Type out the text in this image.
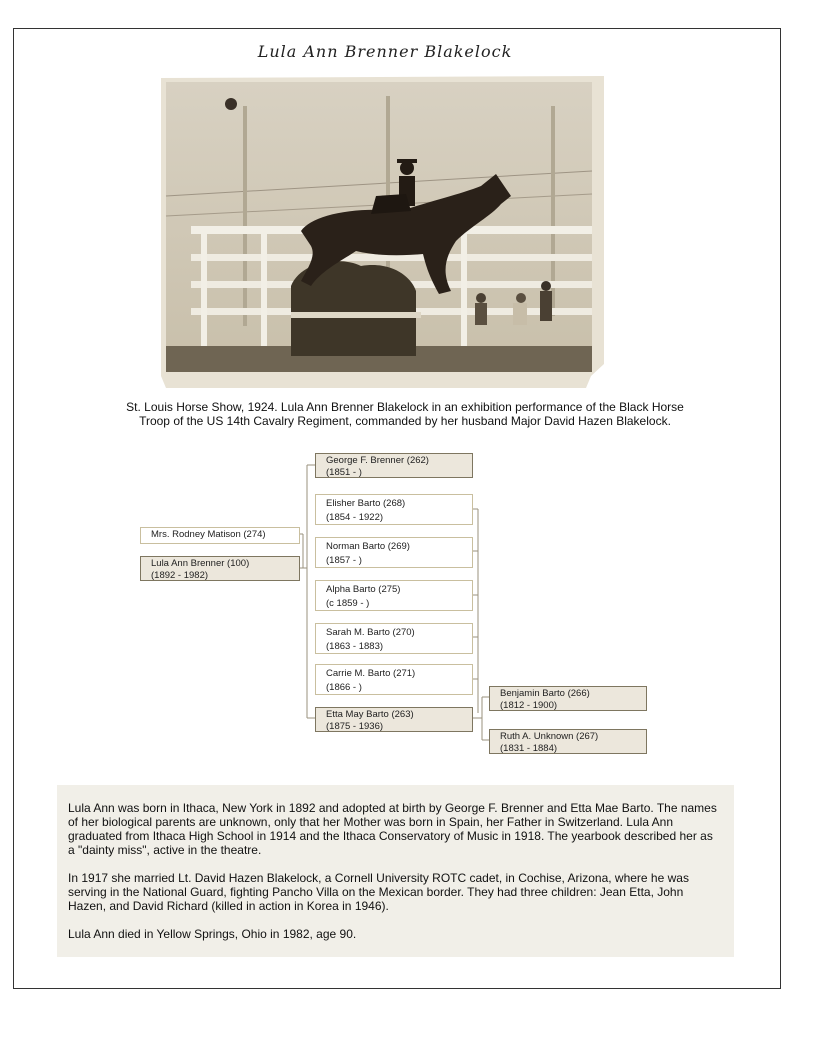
Lula Ann Brenner Blakelock
St. Louis Horse Show, 1924. Lula Ann Brenner Blakelock in an exhibition performance of the Black Horse
Troop of the US 14th Cavalry Regiment, commanded by her husband Major David Hazen Blakelock.
Mrs. Rodney Matison (274)
Lula Ann Brenner (100)
(1892 - 1982)
George F. Brenner (262)
(1851 - )
Elisher Barto (268)
(1854 - 1922)
Norman Barto (269)
(1857 - )
Alpha Barto (275)
(c 1859 - )
Sarah M. Barto (270)
(1863 - 1883)
Carrie M. Barto (271)
(1866 - )
Etta May Barto (263)
(1875 - 1936)
Benjamin Barto (266)
(1812 - 1900)
Ruth A. Unknown (267)
(1831 - 1884)

Lula Ann was born in Ithaca, New York in 1892 and adopted at birth by George F. Brenner and Etta Mae Barto. The names of her biological parents are unknown, only that her Mother was born in Spain, her Father in Switzerland. Lula Ann graduated from Ithaca High School in 1914 and the Ithaca Conservatory of Music in 1918. The yearbook described her as a "dainty miss", active in the theatre.

In 1917 she married Lt. David Hazen Blakelock, a Cornell University ROTC cadet, in Cochise, Arizona, where he was serving in the National Guard, fighting Pancho Villa on the Mexican border. They had three children: Jean Etta, John Hazen, and David Richard (killed in action in Korea in 1946).

Lula Ann died in Yellow Springs, Ohio in 1982, age 90.
